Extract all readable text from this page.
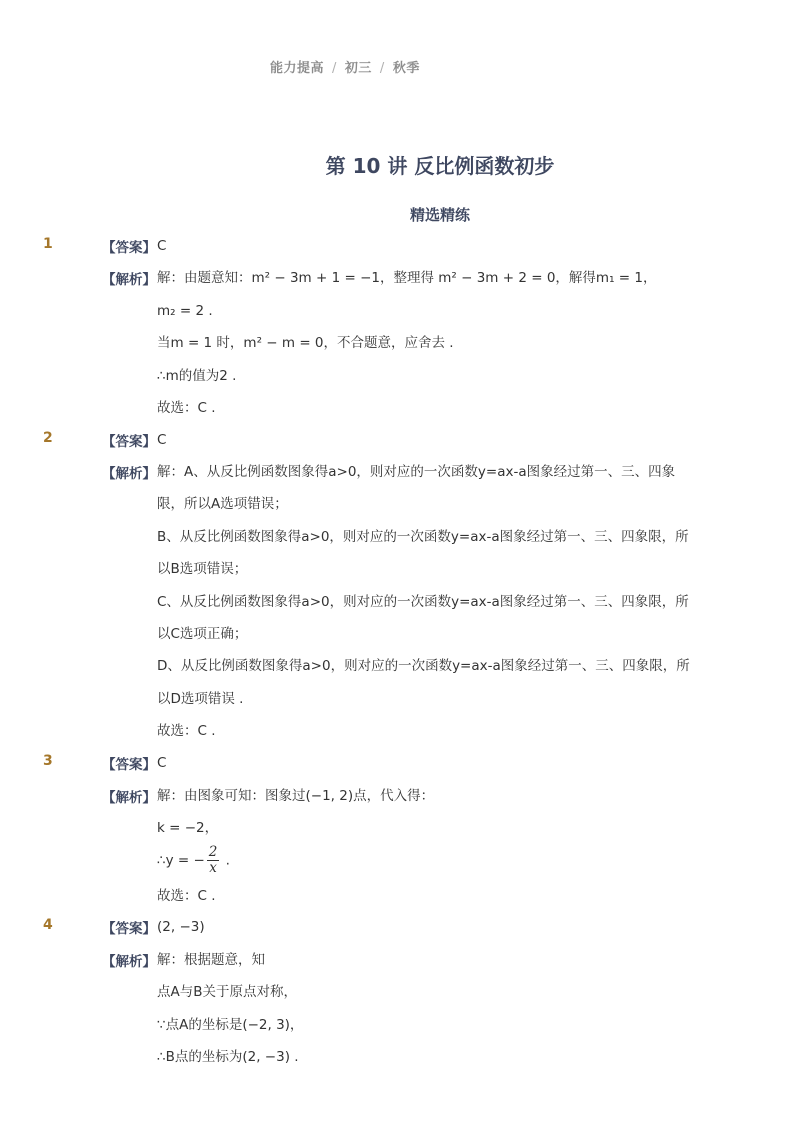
能力提高 / 初三 / 秋季
第 10 讲 反比例函数初步
精选精练
1	【答案】 C
【解析】 解：由题意知：m² − 3m + 1 = −1，整理得 m² − 3m + 2 = 0，解得m₁ = 1，
m₂ = 2 .
当m = 1 时，m² − m = 0，不合题意，应舍去 .
∴m的值为2 .
故选：C .
2	【答案】 C
【解析】 解：A、从反比例函数图象得a>0，则对应的一次函数y=ax-a图象经过第一、三、四象
限，所以A选项错误；
B、从反比例函数图象得a>0，则对应的一次函数y=ax-a图象经过第一、三、四象限，所
以B选项错误；
C、从反比例函数图象得a>0，则对应的一次函数y=ax-a图象经过第一、三、四象限，所
以C选项正确；
D、从反比例函数图象得a>0，则对应的一次函数y=ax-a图象经过第一、三、四象限，所
以D选项错误 .
故选：C .
3	【答案】 C
【解析】 解：由图象可知：图象过(−1, 2)点，代入得：
k = −2，
∴y = − $\frac{2}{x}$ .
故选：C .
4	【答案】 (2, −3)
【解析】 解：根据题意，知
点A与B关于原点对称，
∵点A的坐标是(−2, 3)，
∴B点的坐标为(2, −3) .
